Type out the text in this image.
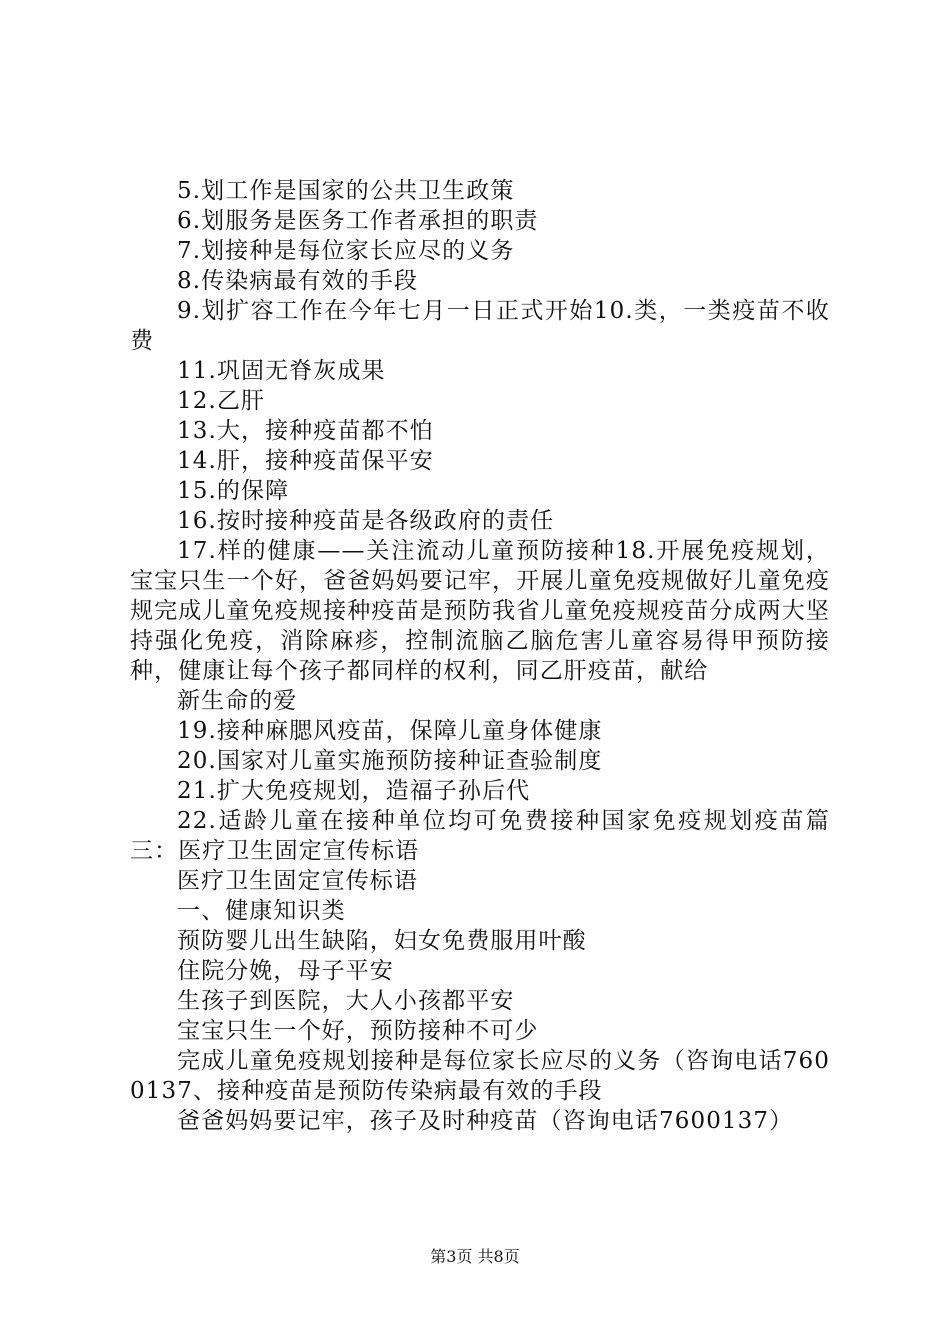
5.划工作是国家的公共卫生政策

6.划服务是医务工作者承担的职责

7.划接种是每位家长应尽的义务

8.传染病最有效的手段

9.划扩容工作在今年七月一日正式开始10.类，一类疫苗不收费

11.巩固无脊灰成果

12.乙肝

13.大，接种疫苗都不怕

14.肝，接种疫苗保平安

15.的保障

16.按时接种疫苗是各级政府的责任

17.样的健康——关注流动儿童预防接种18.开展免疫规划，宝宝只生一个好，爸爸妈妈要记牢，开展儿童免疫规做好儿童免疫规完成儿童免疫规接种疫苗是预防我省儿童免疫规疫苗分成两大坚持强化免疫，消除麻疹，控制流脑乙脑危害儿童容易得甲预防接种，健康让每个孩子都同样的权利，同乙肝疫苗，献给

新生命的爱

19.接种麻腮风疫苗，保障儿童身体健康

20.国家对儿童实施预防接种证查验制度

21.扩大免疫规划，造福子孙后代

22.适龄儿童在接种单位均可免费接种国家免疫规划疫苗篇三：医疗卫生固定宣传标语

医疗卫生固定宣传标语

一、健康知识类

预防婴儿出生缺陷，妇女免费服用叶酸

住院分娩，母子平安

生孩子到医院，大人小孩都平安

宝宝只生一个好，预防接种不可少

完成儿童免疫规划接种是每位家长应尽的义务（咨询电话7600137、接种疫苗是预防传染病最有效的手段

爸爸妈妈要记牢，孩子及时种疫苗（咨询电话7600137）

第3页 共8页
